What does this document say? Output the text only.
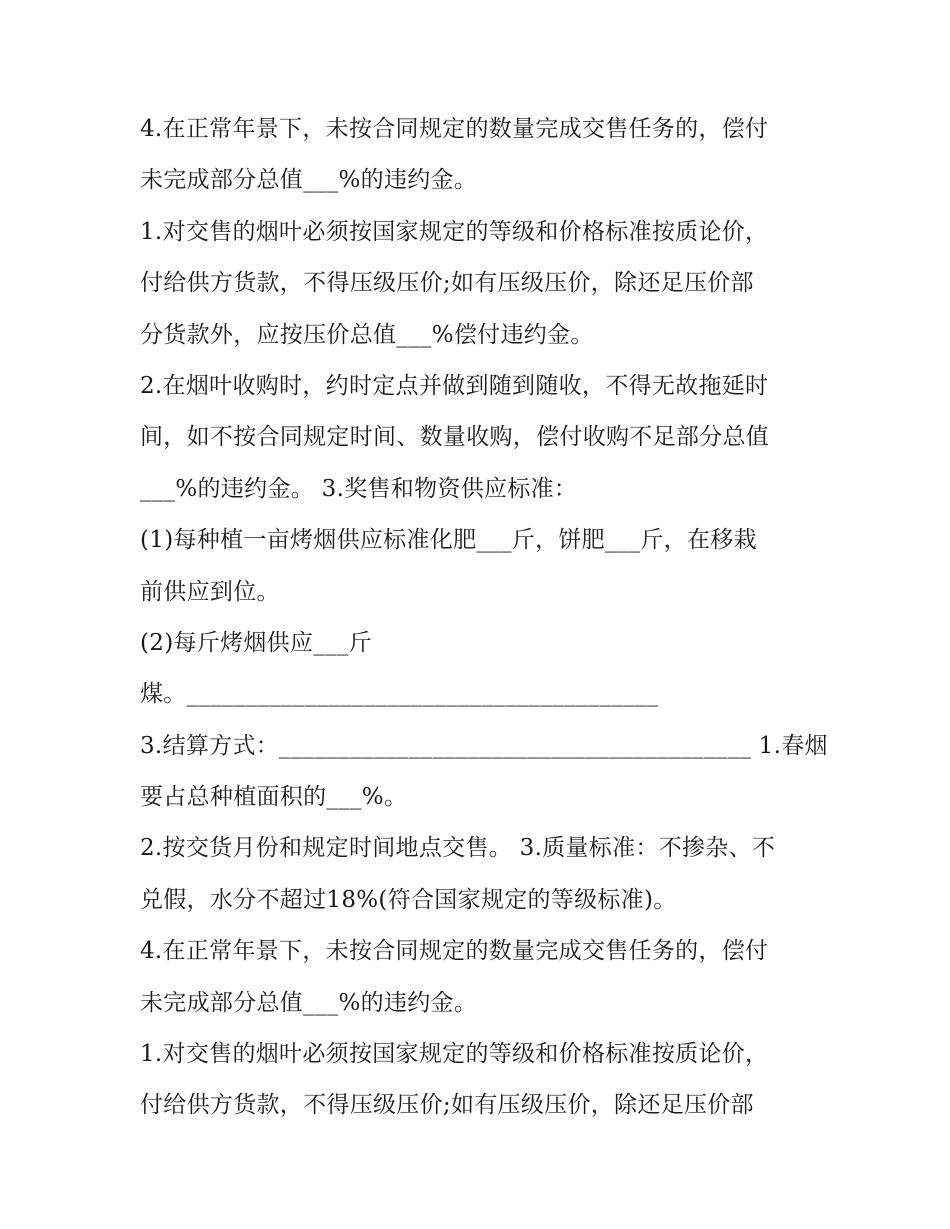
4.在正常年景下，未按合同规定的数量完成交售任务的，偿付
未完成部分总值___%的违约金。
1.对交售的烟叶必须按国家规定的等级和价格标准按质论价，
付给供方货款，不得压级压价;如有压级压价，除还足压价部
分货款外，应按压价总值___%偿付违约金。
2.在烟叶收购时，约时定点并做到随到随收，不得无故拖延时
间，如不按合同规定时间、数量收购，偿付收购不足部分总值
___%的违约金。 3.奖售和物资供应标准：
(1)每种植一亩烤烟供应标准化肥___斤，饼肥___斤，在移栽
前供应到位。
(2)每斤烤烟供应___斤
煤。________________________________________
3.结算方式：________________________________________ 1.春烟
要占总种植面积的___%。
2.按交货月份和规定时间地点交售。 3.质量标准：不掺杂、不
兑假，水分不超过18%(符合国家规定的等级标准)。
4.在正常年景下，未按合同规定的数量完成交售任务的，偿付
未完成部分总值___%的违约金。
1.对交售的烟叶必须按国家规定的等级和价格标准按质论价，
付给供方货款，不得压级压价;如有压级压价，除还足压价部
